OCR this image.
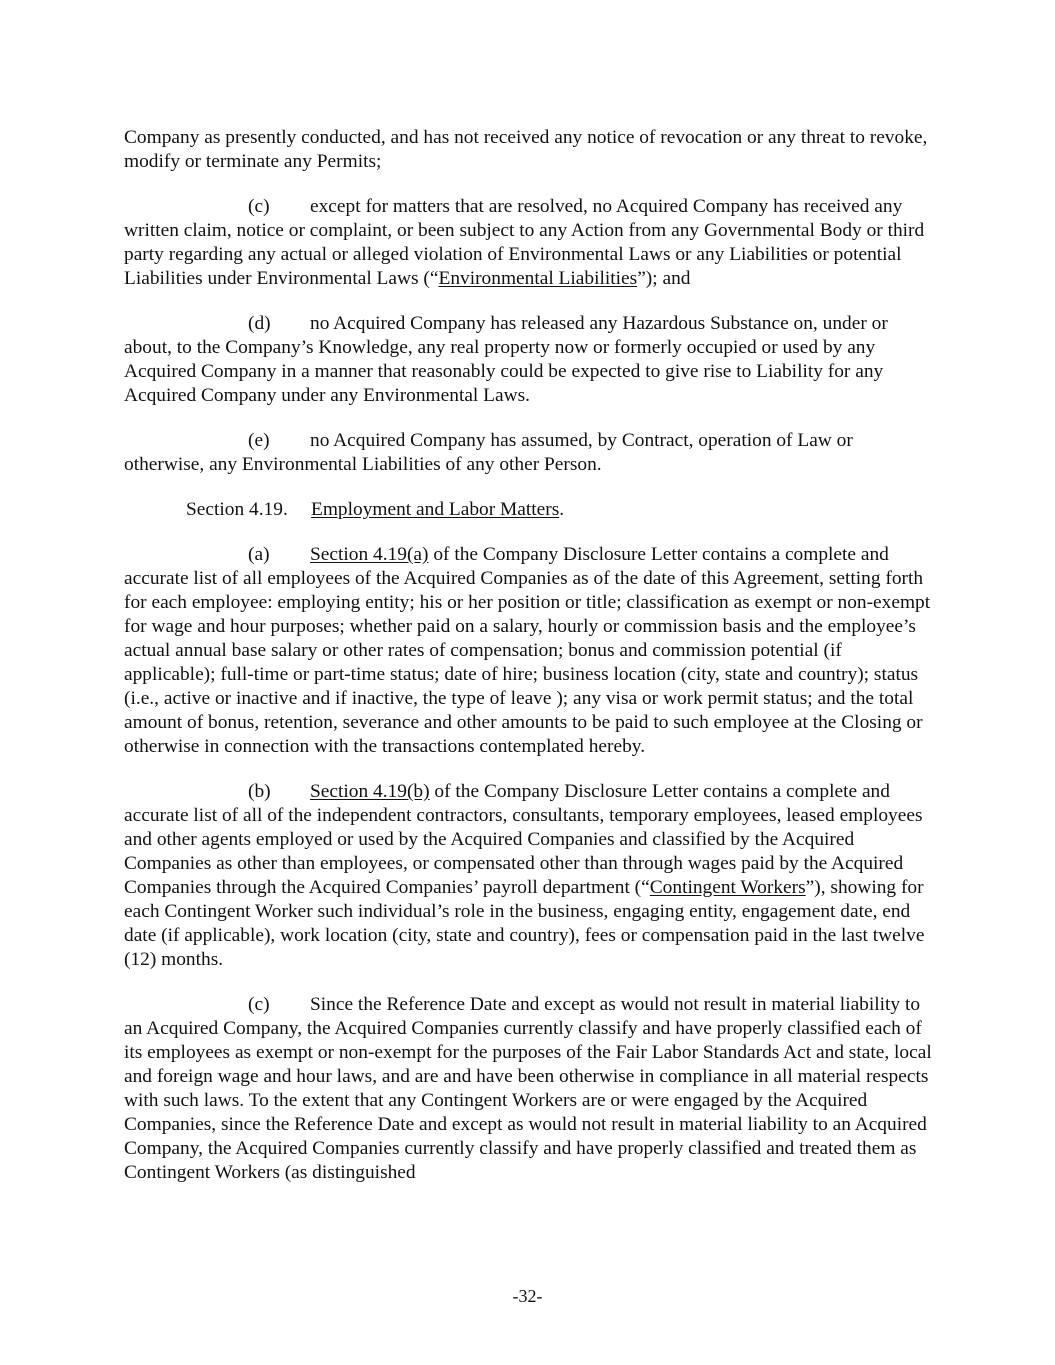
Company as presently conducted, and has not received any notice of revocation or any threat to revoke, modify or terminate any Permits;

(c) except for matters that are resolved, no Acquired Company has received any written claim, notice or complaint, or been subject to any Action from any Governmental Body or third party regarding any actual or alleged violation of Environmental Laws or any Liabilities or potential Liabilities under Environmental Laws (“Environmental Liabilities”); and

(d) no Acquired Company has released any Hazardous Substance on, under or about, to the Company’s Knowledge, any real property now or formerly occupied or used by any Acquired Company in a manner that reasonably could be expected to give rise to Liability for any Acquired Company under any Environmental Laws.

(e) no Acquired Company has assumed, by Contract, operation of Law or otherwise, any Environmental Liabilities of any other Person.

Section 4.19. Employment and Labor Matters.

(a) Section 4.19(a) of the Company Disclosure Letter contains a complete and accurate list of all employees of the Acquired Companies as of the date of this Agreement, setting forth for each employee: employing entity; his or her position or title; classification as exempt or non-exempt for wage and hour purposes; whether paid on a salary, hourly or commission basis and the employee’s actual annual base salary or other rates of compensation; bonus and commission potential (if applicable); full-time or part-time status; date of hire; business location (city, state and country); status (i.e., active or inactive and if inactive, the type of leave ); any visa or work permit status; and the total amount of bonus, retention, severance and other amounts to be paid to such employee at the Closing or otherwise in connection with the transactions contemplated hereby.

(b) Section 4.19(b) of the Company Disclosure Letter contains a complete and accurate list of all of the independent contractors, consultants, temporary employees, leased employees and other agents employed or used by the Acquired Companies and classified by the Acquired Companies as other than employees, or compensated other than through wages paid by the Acquired Companies through the Acquired Companies’ payroll department (“Contingent Workers”), showing for each Contingent Worker such individual’s role in the business, engaging entity, engagement date, end date (if applicable), work location (city, state and country), fees or compensation paid in the last twelve (12) months.

(c) Since the Reference Date and except as would not result in material liability to an Acquired Company, the Acquired Companies currently classify and have properly classified each of its employees as exempt or non-exempt for the purposes of the Fair Labor Standards Act and state, local and foreign wage and hour laws, and are and have been otherwise in compliance in all material respects with such laws. To the extent that any Contingent Workers are or were engaged by the Acquired Companies, since the Reference Date and except as would not result in material liability to an Acquired Company, the Acquired Companies currently classify and have properly classified and treated them as Contingent Workers (as distinguished

-32-
